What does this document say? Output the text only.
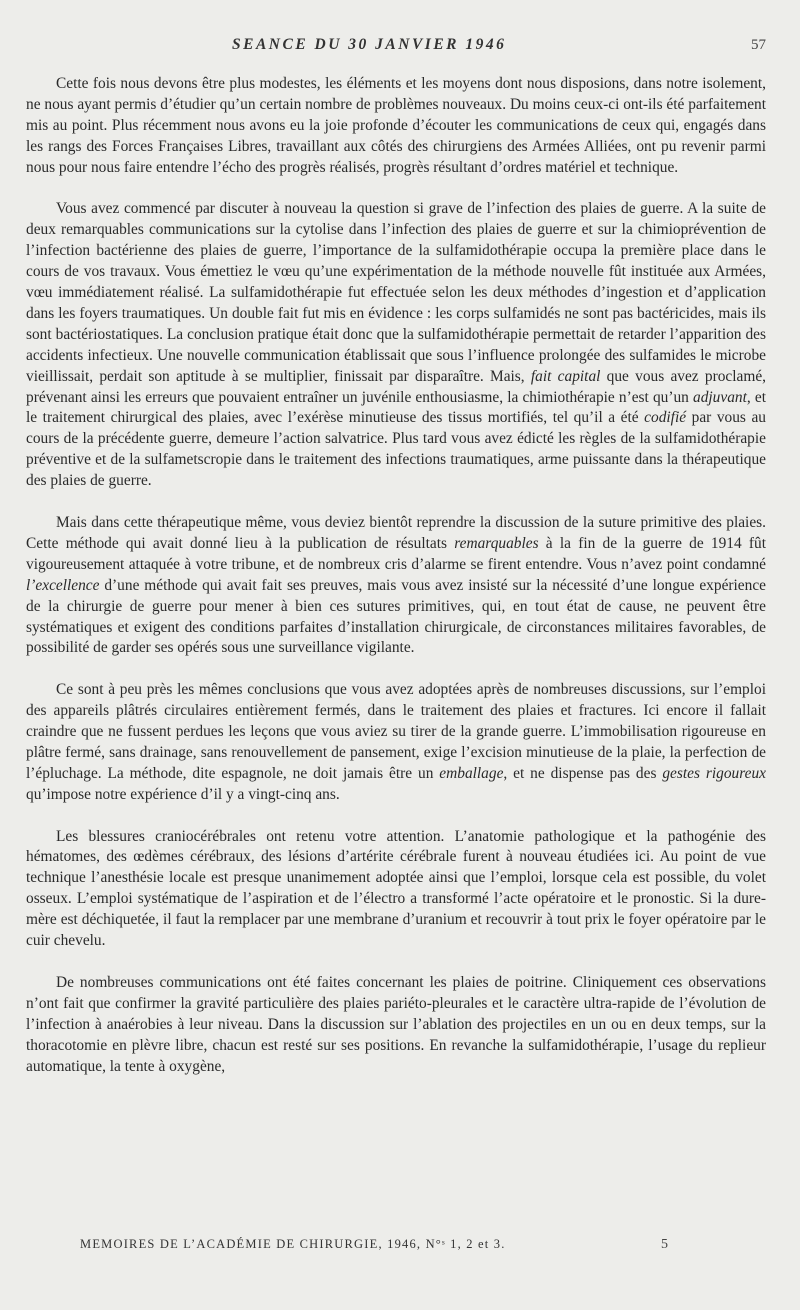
SEANCE DU 30 JANVIER 1946	57

Cette fois nous devons être plus modestes, les éléments et les moyens dont nous disposions, dans notre isolement, ne nous ayant permis d’étudier qu’un certain nombre de problèmes nouveaux. Du moins ceux-ci ont-ils été parfaitement mis au point. Plus récemment nous avons eu la joie profonde d’écouter les communications de ceux qui, engagés dans les rangs des Forces Françaises Libres, travaillant aux côtés des chirurgiens des Armées Alliées, ont pu revenir parmi nous pour nous faire entendre l’écho des progrès réalisés, progrès résultant d’ordres matériel et technique.

Vous avez commencé par discuter à nouveau la question si grave de l’infection des plaies de guerre. A la suite de deux remarquables communications sur la cytolise dans l’infection des plaies de guerre et sur la chimioprévention de l’infection bactérienne des plaies de guerre, l’importance de la sulfamidothérapie occupa la première place dans le cours de vos travaux. Vous émettiez le vœu qu’une expérimentation de la méthode nouvelle fût instituée aux Armées, vœu immédiatement réalisé. La sulfamidothérapie fut effectuée selon les deux méthodes d’ingestion et d’application dans les foyers traumatiques. Un double fait fut mis en évidence : les corps sulfamidés ne sont pas bactéricides, mais ils sont bactériostatiques. La conclusion pratique était donc que la sulfamidothérapie permettait de retarder l’apparition des accidents infectieux. Une nouvelle communication établissait que sous l’influence prolongée des sulfamides le microbe vieillissait, perdait son aptitude à se multiplier, finissait par disparaître. Mais, fait capital que vous avez proclamé, prévenant ainsi les erreurs que pouvaient entraîner un juvénile enthousiasme, la chimiothérapie n’est qu’un adjuvant, et le traitement chirurgical des plaies, avec l’exérèse minutieuse des tissus mortifiés, tel qu’il a été codifié par vous au cours de la précédente guerre, demeure l’action salvatrice. Plus tard vous avez édicté les règles de la sulfamidothérapie préventive et de la sulfametscropie dans le traitement des infections traumatiques, arme puissante dans la thérapeutique des plaies de guerre.

Mais dans cette thérapeutique même, vous deviez bientôt reprendre la discussion de la suture primitive des plaies. Cette méthode qui avait donné lieu à la publication de résultats remarquables à la fin de la guerre de 1914 fût vigoureusement attaquée à votre tribune, et de nombreux cris d’alarme se firent entendre. Vous n’avez point condamné l’excellence d’une méthode qui avait fait ses preuves, mais vous avez insisté sur la nécessité d’une longue expérience de la chirurgie de guerre pour mener à bien ces sutures primitives, qui, en tout état de cause, ne peuvent être systématiques et exigent des conditions parfaites d’installation chirurgicale, de circonstances militaires favorables, de possibilité de garder ses opérés sous une surveillance vigilante.

Ce sont à peu près les mêmes conclusions que vous avez adoptées après de nombreuses discussions, sur l’emploi des appareils plâtrés circulaires entièrement fermés, dans le traitement des plaies et fractures. Ici encore il fallait craindre que ne fussent perdues les leçons que vous aviez su tirer de la grande guerre. L’immobilisation rigoureuse en plâtre fermé, sans drainage, sans renouvellement de pansement, exige l’excision minutieuse de la plaie, la perfection de l’épluchage. La méthode, dite espagnole, ne doit jamais être un emballage, et ne dispense pas des gestes rigoureux qu’impose notre expérience d’il y a vingt-cinq ans.

Les blessures craniocérébrales ont retenu votre attention. L’anatomie pathologique et la pathogénie des hématomes, des œdèmes cérébraux, des lésions d’artérite cérébrale furent à nouveau étudiées ici. Au point de vue technique l’anesthésie locale est presque unanimement adoptée ainsi que l’emploi, lorsque cela est possible, du volet osseux. L’emploi systématique de l’aspiration et de l’électro a transformé l’acte opératoire et le pronostic. Si la dure-mère est déchiquetée, il faut la remplacer par une membrane d’uranium et recouvrir à tout prix le foyer opératoire par le cuir chevelu.

De nombreuses communications ont été faites concernant les plaies de poitrine. Cliniquement ces observations n’ont fait que confirmer la gravité particulière des plaies pariéto-pleurales et le caractère ultra-rapide de l’évolution de l’infection à anaérobies à leur niveau. Dans la discussion sur l’ablation des projectiles en un ou en deux temps, sur la thoracotomie en plèvre libre, chacun est resté sur ses positions. En revanche la sulfamidothérapie, l’usage du replieur automatique, la tente à oxygène,

MEMOIRES DE L’ACADÉMIE DE CHIRURGIE, 1946, N°ˢ 1, 2 et 3.	5
